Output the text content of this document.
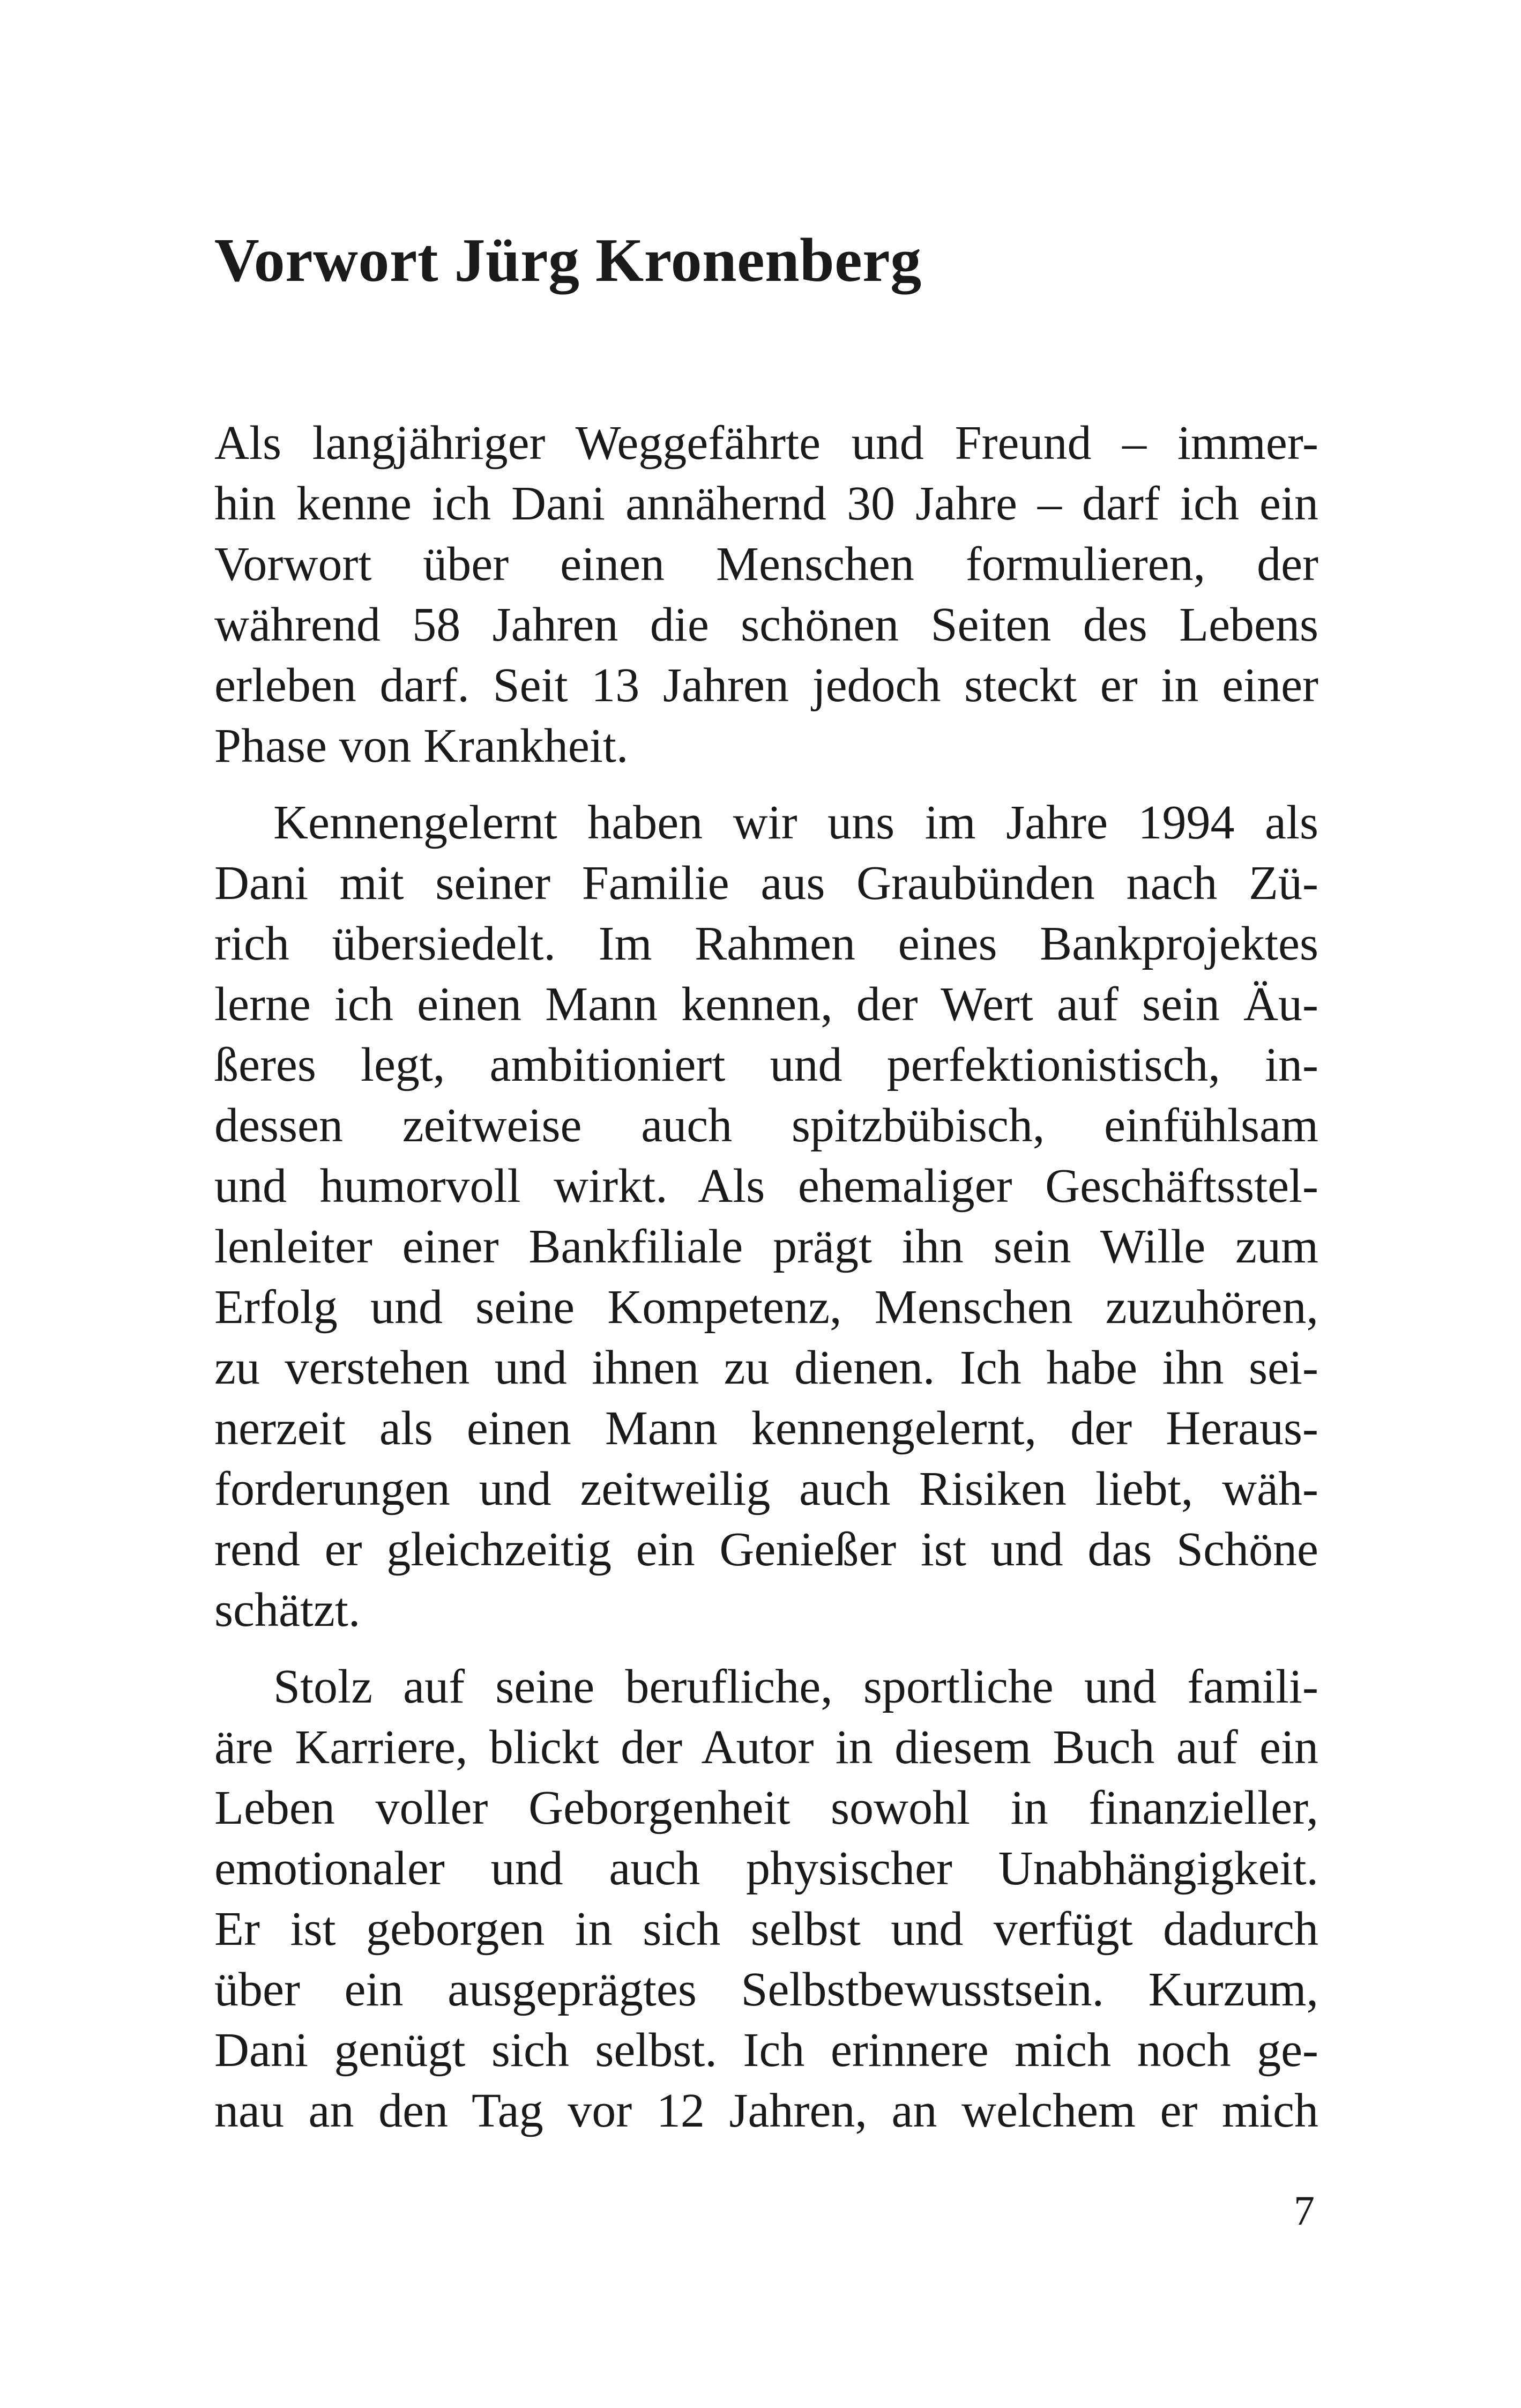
Vorwort Jürg Kronenberg
Als langjähriger Weggefährte und Freund – immer-
hin kenne ich Dani annähernd 30 Jahre – darf ich ein
Vorwort über einen Menschen formulieren, der
während 58 Jahren die schönen Seiten des Lebens
erleben darf. Seit 13 Jahren jedoch steckt er in einer
Phase von Krankheit.
Kennengelernt haben wir uns im Jahre 1994 als
Dani mit seiner Familie aus Graubünden nach Zü-
rich übersiedelt. Im Rahmen eines Bankprojektes
lerne ich einen Mann kennen, der Wert auf sein Äu-
ßeres legt, ambitioniert und perfektionistisch, in-
dessen zeitweise auch spitzbübisch, einfühlsam
und humorvoll wirkt. Als ehemaliger Geschäftsstel-
lenleiter einer Bankfiliale prägt ihn sein Wille zum
Erfolg und seine Kompetenz, Menschen zuzuhören,
zu verstehen und ihnen zu dienen. Ich habe ihn sei-
nerzeit als einen Mann kennengelernt, der Heraus-
forderungen und zeitweilig auch Risiken liebt, wäh-
rend er gleichzeitig ein Genießer ist und das Schöne
schätzt.
Stolz auf seine berufliche, sportliche und famili-
äre Karriere, blickt der Autor in diesem Buch auf ein
Leben voller Geborgenheit sowohl in finanzieller,
emotionaler und auch physischer Unabhängigkeit.
Er ist geborgen in sich selbst und verfügt dadurch
über ein ausgeprägtes Selbstbewusstsein. Kurzum,
Dani genügt sich selbst. Ich erinnere mich noch ge-
nau an den Tag vor 12 Jahren, an welchem er mich
7
